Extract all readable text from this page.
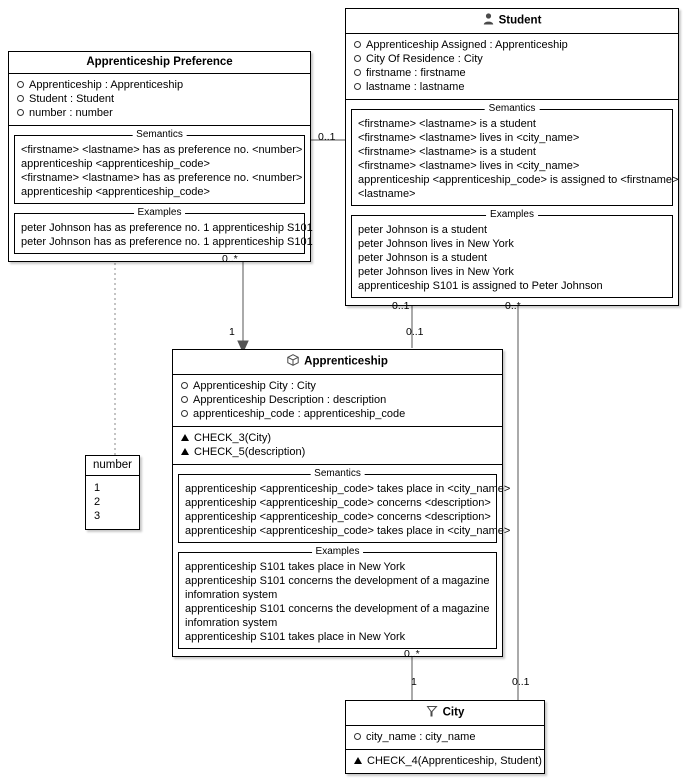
Student
Apprenticeship Assigned : Apprenticeship
City Of Residence : City
firstname : firstname
lastname : lastname
Semantics
<firstname> <lastname> is a student
<firstname> <lastname> lives in <city_name>
<firstname> <lastname> is a student
<firstname> <lastname> lives in <city_name>
apprenticeship <apprenticeship_code> is assigned to <firstname>
<lastname>
Examples
peter Johnson is a student
peter Johnson lives in New York
peter Johnson is a student
peter Johnson lives in New York
apprenticeship S101 is assigned to Peter Johnson
Apprenticeship Preference
Apprenticeship : Apprenticeship
Student : Student
number : number
Semantics
<firstname> <lastname> has as preference no. <number>
apprenticeship <apprenticeship_code>
<firstname> <lastname> has as preference no. <number>
apprenticeship <apprenticeship_code>
Examples
peter Johnson has as preference no. 1 apprenticeship S101
peter Johnson has as preference no. 1 apprenticeship S101
Apprenticeship
Apprenticeship City : City
Apprenticeship Description : description
apprenticeship_code : apprenticeship_code
CHECK_3(City)
CHECK_5(description)
Semantics
apprenticeship <apprenticeship_code> takes place in <city_name>
apprenticeship <apprenticeship_code> concerns <description>
apprenticeship <apprenticeship_code> concerns <description>
apprenticeship <apprenticeship_code> takes place in <city_name>
Examples
apprenticeship S101 takes place in New York
apprenticeship S101 concerns the development of a magazine infomration system
apprenticeship S101 concerns the development of a magazine infomration system
apprenticeship S101 takes place in New York
City
city_name : city_name
CHECK_4(Apprenticeship, Student)
number
1
2
3
0..1
0..*
1
0..1
0..1
0..*
0..*
1	0..1
